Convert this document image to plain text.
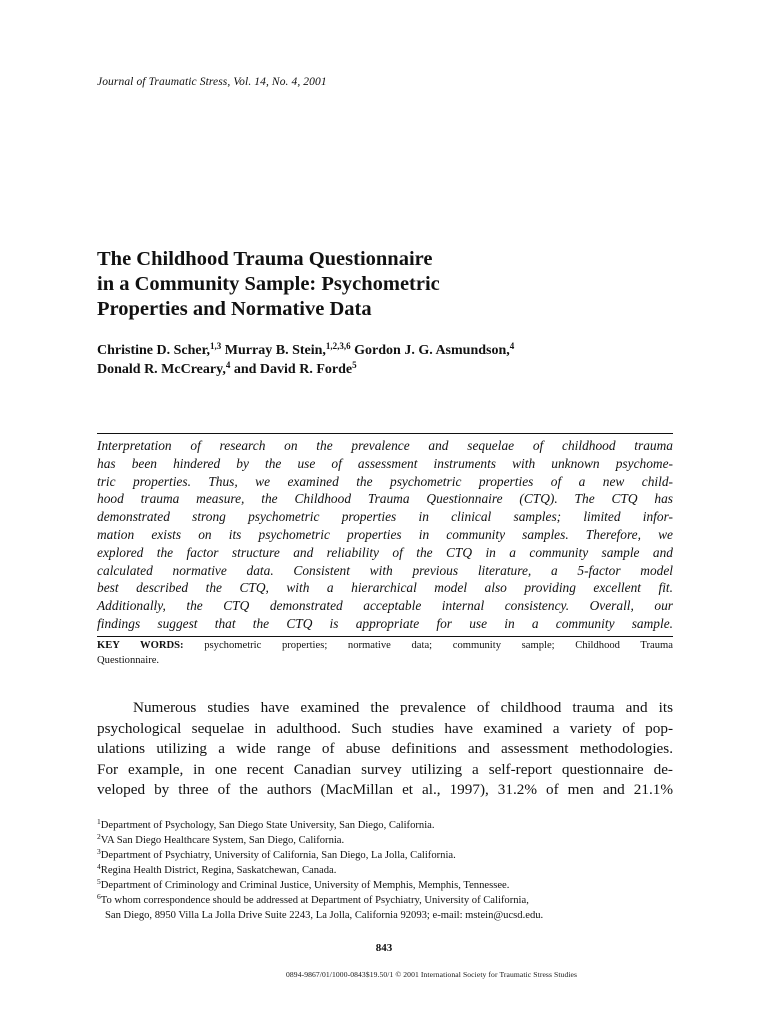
Journal of Traumatic Stress, Vol. 14, No. 4, 2001
The Childhood Trauma Questionnaire
in a Community Sample: Psychometric
Properties and Normative Data
Christine D. Scher,$^{1,3}$ Murray B. Stein,$^{1,2,3,6}$ Gordon J. G. Asmundson,$^4$
Donald R. McCreary,$^4$ and David R. Forde$^5$
Interpretation of research on the prevalence and sequelae of childhood trauma
has been hindered by the use of assessment instruments with unknown psychome-
tric properties. Thus, we examined the psychometric properties of a new child-
hood trauma measure, the Childhood Trauma Questionnaire (CTQ). The CTQ has
demonstrated strong psychometric properties in clinical samples; limited infor-
mation exists on its psychometric properties in community samples. Therefore, we
explored the factor structure and reliability of the CTQ in a community sample and
calculated normative data. Consistent with previous literature, a 5-factor model
best described the CTQ, with a hierarchical model also providing excellent fit.
Additionally, the CTQ demonstrated acceptable internal consistency. Overall, our
findings suggest that the CTQ is appropriate for use in a community sample.
KEY WORDS: psychometric properties; normative data; community sample; Childhood Trauma
Questionnaire.
Numerous studies have examined the prevalence of childhood trauma and its
psychological sequelae in adulthood. Such studies have examined a variety of pop-
ulations utilizing a wide range of abuse definitions and assessment methodologies.
For example, in one recent Canadian survey utilizing a self-report questionnaire de-
veloped by three of the authors (MacMillan et al., 1997), 31.2% of men and 21.1%
$^1$Department of Psychology, San Diego State University, San Diego, California.
$^2$VA San Diego Healthcare System, San Diego, California.
$^3$Department of Psychiatry, University of California, San Diego, La Jolla, California.
$^4$Regina Health District, Regina, Saskatchewan, Canada.
$^5$Department of Criminology and Criminal Justice, University of Memphis, Memphis, Tennessee.
$^6$To whom correspondence should be addressed at Department of Psychiatry, University of California,
San Diego, 8950 Villa La Jolla Drive Suite 2243, La Jolla, California 92093; e-mail: mstein@ucsd.edu.
843
0894-9867/01/1000-0843$19.50/1 © 2001 International Society for Traumatic Stress Studies
